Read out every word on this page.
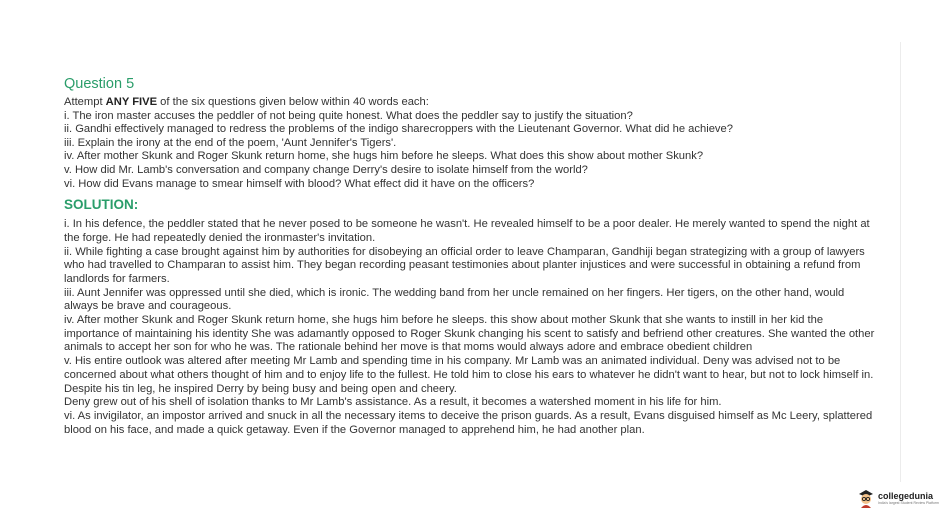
Question 5

Attempt ANY FIVE of the six questions given below within 40 words each:

i. The iron master accuses the peddler of not being quite honest. What does the peddler say to justify the situation?

ii. Gandhi effectively managed to redress the problems of the indigo sharecroppers with the Lieutenant Governor. What did he achieve?

iii. Explain the irony at the end of the poem, 'Aunt Jennifer's Tigers'.

iv. After mother Skunk and Roger Skunk return home, she hugs him before he sleeps. What does this show about mother Skunk?

v. How did Mr. Lamb's conversation and company change Derry's desire to isolate himself from the world?

vi. How did Evans manage to smear himself with blood? What effect did it have on the officers?

SOLUTION:

i. In his defence, the peddler stated that he never posed to be someone he wasn't. He revealed himself to be a poor dealer. He merely wanted to spend the night at the forge. He had repeatedly denied the ironmaster's invitation.

ii. While fighting a case brought against him by authorities for disobeying an official order to leave Champaran, Gandhiji began strategizing with a group of lawyers who had travelled to Champaran to assist him. They began recording peasant testimonies about planter injustices and were successful in obtaining a refund from landlords for farmers.

iii. Aunt Jennifer was oppressed until she died, which is ironic. The wedding band from her uncle remained on her fingers. Her tigers, on the other hand, would always be brave and courageous.

iv. After mother Skunk and Roger Skunk return home, she hugs him before he sleeps. this show about mother Skunk that she wants to instill in her kid the importance of maintaining his identity She was adamantly opposed to Roger Skunk changing his scent to satisfy and befriend other creatures. She wanted the other animals to accept her son for who he was. The rationale behind her move is that moms would always adore and embrace obedient children

v. His entire outlook was altered after meeting Mr Lamb and spending time in his company. Mr Lamb was an animated individual. Deny was advised not to be concerned about what others thought of him and to enjoy life to the fullest. He told him to close his ears to whatever he didn't want to hear, but not to lock himself in. Despite his tin leg, he inspired Derry by being busy and being open and cheery.

Deny grew out of his shell of isolation thanks to Mr Lamb's assistance. As a result, it becomes a watershed moment in his life for him.

vi. As invigilator, an impostor arrived and snuck in all the necessary items to deceive the prison guards. As a result, Evans disguised himself as Mc Leery, splattered blood on his face, and made a quick getaway. Even if the Governor managed to apprehend him, he had another plan.

collegedunia
India's largest Student Review Platform
